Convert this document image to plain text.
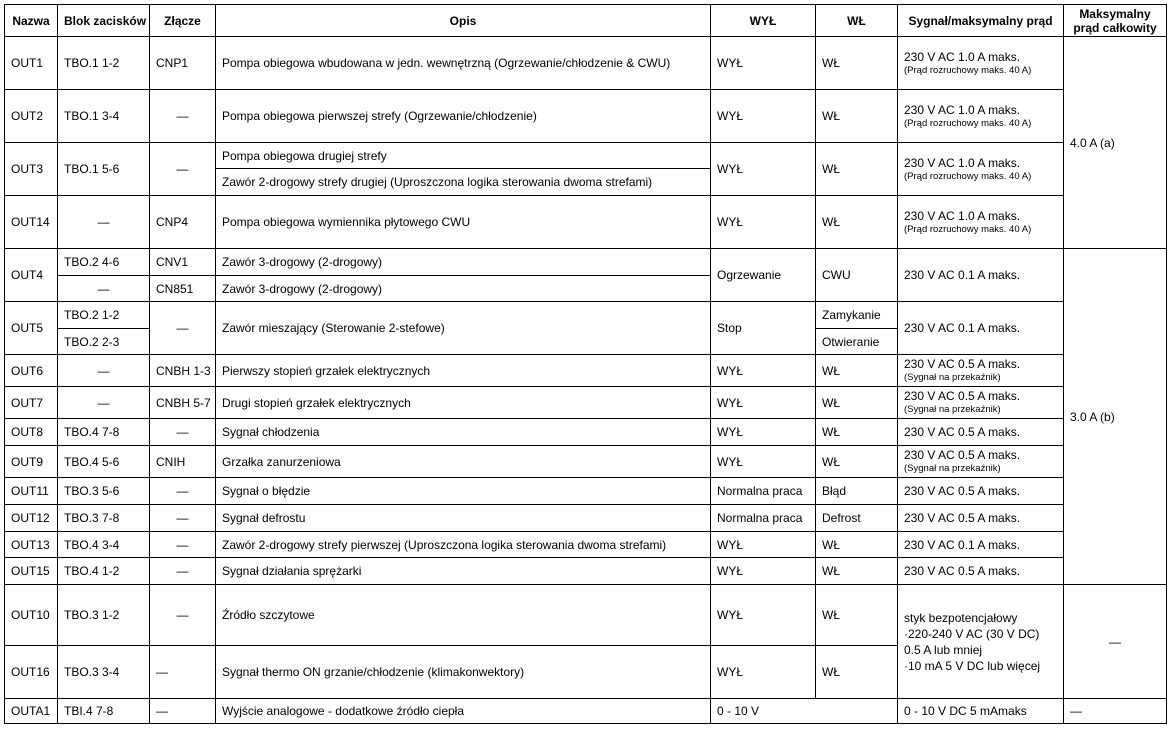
Nazwa	Blok zacisków	Złącze	Opis	WYŁ	WŁ	Sygnał/maksymalny prąd	Maksymalny prąd całkowity
OUT1	TBO.1 1-2	CNP1	Pompa obiegowa wbudowana w jedn. wewnętrzną (Ogrzewanie/chłodzenie & CWU)	WYŁ	WŁ	230 V AC 1.0 A maks.
(Prąd rozruchowy maks. 40 A)	4.0 A (a)
OUT2	TBO.1 3-4	—	Pompa obiegowa pierwszej strefy (Ogrzewanie/chłodzenie)	WYŁ	WŁ	230 V AC 1.0 A maks.
(Prąd rozruchowy maks. 40 A)	

OUT3	TBO.1 5-6	—	Pompa obiegowa drugiej strefy	WYŁ	WŁ	230 V AC 1.0 A maks.
(Prąd rozruchowy maks. 40 A)	

			Zawór 2-drogowy strefy drugiej (Uproszczona logika sterowania dwoma strefami)				
OUT14	—	CNP4	Pompa obiegowa wymiennika płytowego CWU	WYŁ	WŁ	230 V AC 1.0 A maks.
(Prąd rozruchowy maks. 40 A)	

OUT4	TBO.2 4-6	CNV1	Zawór 3-drogowy (2-drogowy)	Ogrzewanie	CWU	230 V AC 0.1 A maks.	3.0 A (b)
	—	CN851	Zawór 3-drogowy (2-drogowy)				
OUT5	TBO.2 1-2	—	Zawór mieszający (Sterowanie 2-stefowe)	Stop	Zamykanie	230 V AC 0.1 A maks.	
	TBO.2 2-3				Otwieranie		
OUT6	—	CNBH 1-3	Pierwszy stopień grzałek elektrycznych	WYŁ	WŁ	230 V AC 0.5 A maks.
(Sygnał na przekaźnik)	

OUT7	—	CNBH 5-7	Drugi stopień grzałek elektrycznych	WYŁ	WŁ	230 V AC 0.5 A maks.
(Sygnał na przekaźnik)	

OUT8	TBO.4 7-8	—	Sygnał chłodzenia	WYŁ	WŁ	230 V AC 0.5 A maks.	
OUT9	TBO.4 5-6	CNIH	Grzałka zanurzeniowa	WYŁ	WŁ	230 V AC 0.5 A maks.
(Sygnał na przekaźnik)	

OUT11	TBO.3 5-6	—	Sygnał o błędzie	Normalna praca	Błąd	230 V AC 0.5 A maks.	
OUT12	TBO.3 7-8	—	Sygnał defrostu	Normalna praca	Defrost	230 V AC 0.5 A maks.	
OUT13	TBO.4 3-4	—	Zawór 2-drogowy strefy pierwszej (Uproszczona logika sterowania dwoma strefami)	WYŁ	WŁ	230 V AC 0.1 A maks.	
OUT15	TBO.4 1-2	—	Sygnał działania sprężarki	WYŁ	WŁ	230 V AC 0.5 A maks.	
OUT10	TBO.3 1-2	—	Źródło szczytowe	WYŁ	WŁ	styk bezpotencjałowy
·220-240 V AC (30 V DC)
0.5 A lub mniej
·10 mA 5 V DC lub więcej	—
OUT16	TBO.3 3-4	—	Sygnał thermo ON grzanie/chłodzenie (klimakonwektory)	WYŁ	WŁ		
OUTA1	TBI.4 7-8	—	Wyjście analogowe - dodatkowe źródło ciepła	0 - 10 V		0 - 10 V DC 5 mAmaks	—
